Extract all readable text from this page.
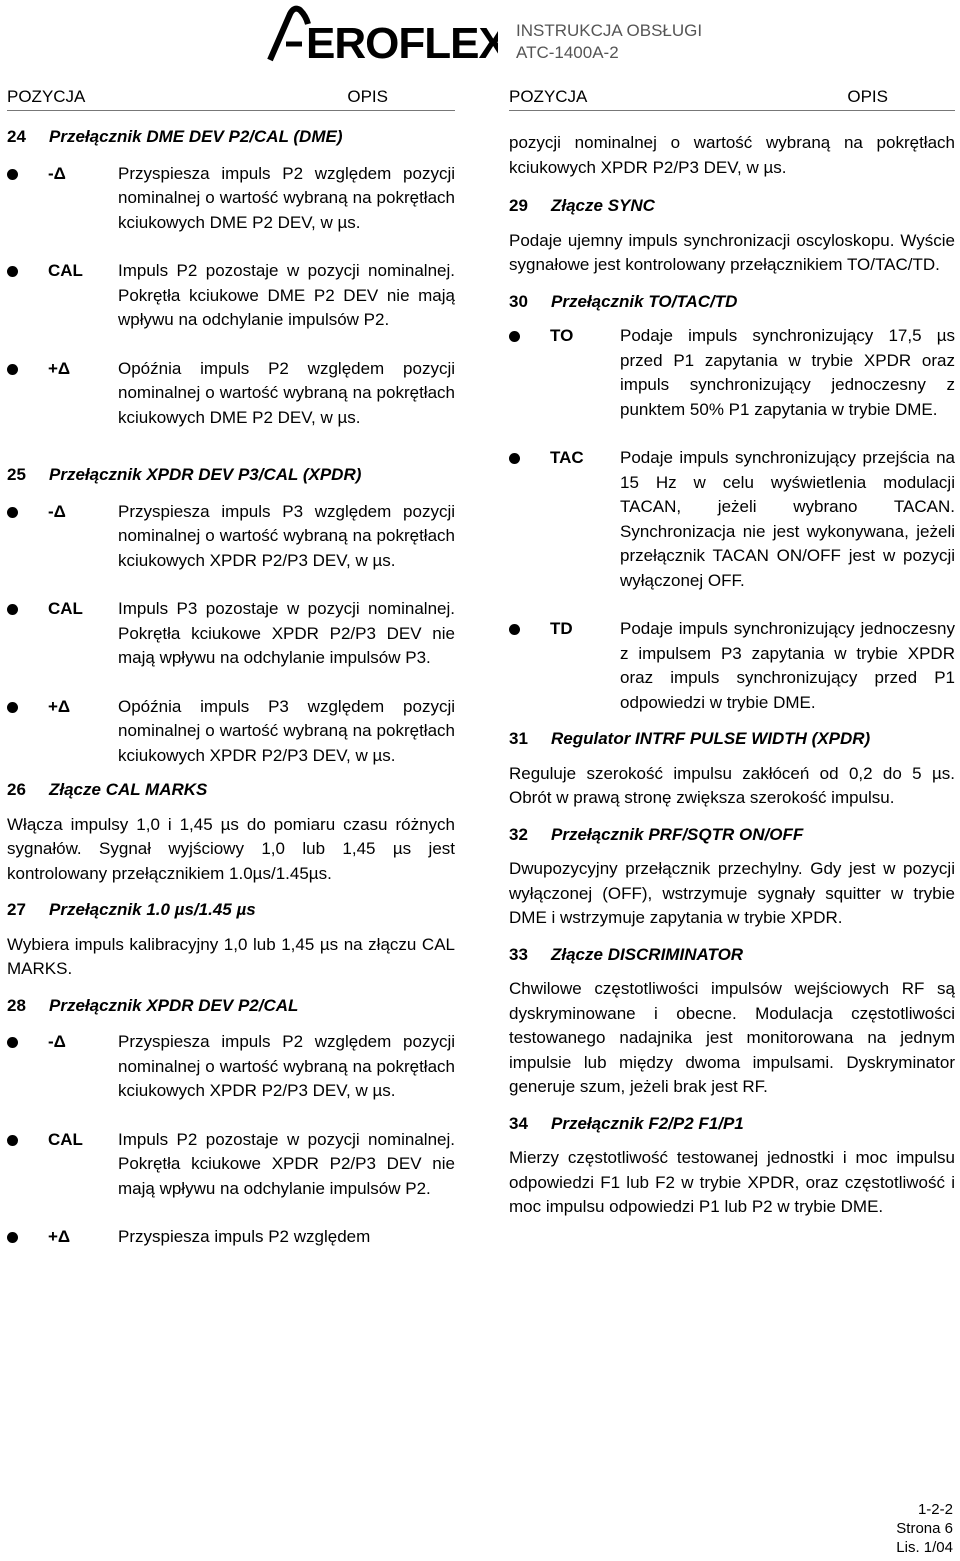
EROFLEX INSTRUKCJA OBSŁUGI
ATC-1400A-2
POZYCJA	OPIS

24 Przełącznik DME DEV P2/CAL (DME)

-Δ	Przyspiesza impuls P2 względem pozycji nominalnej o wartość wybraną na pokrętłach kciukowych DME P2 DEV, w µs.
CAL Impuls P2 pozostaje w pozycji nominalnej. Pokrętła kciukowe DME P2 DEV nie mają wpływu na odchylanie impulsów P2.
+Δ	Opóźnia impuls P2 względem pozycji nominalnej o wartość wybraną na pokrętłach kciukowych DME P2 DEV, w µs.

25 Przełącznik XPDR DEV P3/CAL (XPDR)

-Δ	Przyspiesza impuls P3 względem pozycji nominalnej o wartość wybraną na pokrętłach kciukowych XPDR P2/P3 DEV, w µs.
CAL Impuls P3 pozostaje w pozycji nominalnej. Pokrętła kciukowe XPDR P2/P3 DEV nie mają wpływu na odchylanie impulsów P3.
+Δ	Opóźnia impuls P3 względem pozycji nominalnej o wartość wybraną na pokrętłach kciukowych XPDR P2/P3 DEV, w µs.

26 Złącze CAL MARKS

Włącza impulsy 1,0 i 1,45 µs do pomiaru czasu różnych sygnałów. Sygnał wyjściowy 1,0 lub 1,45 µs jest kontrolowany przełącznikiem 1.0µs/1.45µs.

27 Przełącznik 1.0 µs/1.45 µs

Wybiera impuls kalibracyjny 1,0 lub 1,45 µs na złączu CAL MARKS.

28 Przełącznik XPDR DEV P2/CAL

-Δ	Przyspiesza impuls P2 względem pozycji nominalnej o wartość wybraną na pokrętłach kciukowych XPDR P2/P3 DEV, w µs.
CAL Impuls P2 pozostaje w pozycji nominalnej. Pokrętła kciukowe XPDR P2/P3 DEV nie mają wpływu na odchylanie impulsów P2.
+Δ	Przyspiesza impuls P2 względem
POZYCJA	OPIS

pozycji nominalnej o wartość wybraną na pokrętłach kciukowych XPDR P2/P3 DEV, w µs.

29 Złącze SYNC

Podaje ujemny impuls synchronizacji oscyloskopu. Wyście sygnałowe jest kontrolowany przełącznikiem TO/TAC/TD.

30 Przełącznik TO/TAC/TD

TO	Podaje impuls synchronizujący 17,5 µs przed P1 zapytania w trybie XPDR oraz impuls synchronizujący jednoczesny z punktem 50% P1 zapytania w trybie DME.
TAC Podaje impuls synchronizujący przejścia na 15 Hz w celu wyświetlenia modulacji TACAN, jeżeli wybrano TACAN. Synchronizacja nie jest wykonywana, jeżeli przełącznik TACAN ON/OFF jest w pozycji wyłączonej OFF.
TD	Podaje impuls synchronizujący jednoczesny z impulsem P3 zapytania w trybie XPDR oraz impuls synchronizujący przed P1 odpowiedzi w trybie DME.

31 Regulator INTRF PULSE WIDTH (XPDR)

Reguluje szerokość impulsu zakłóceń od 0,2 do 5 µs. Obrót w prawą stronę zwiększa szerokość impulsu.

32 Przełącznik PRF/SQTR ON/OFF

Dwupozycyjny przełącznik przechylny. Gdy jest w pozycji wyłączonej (OFF), wstrzymuje sygnały squitter w trybie DME i wstrzymuje zapytania w trybie XPDR.

33 Złącze DISCRIMINATOR

Chwilowe częstotliwości impulsów wejściowych RF są dyskryminowane i obecne. Modulacja częstotliwości testowanego nadajnika jest monitorowana na jednym impulsie lub między dwoma impulsami. Dyskryminator generuje szum, jeżeli brak jest RF.

34 Przełącznik F2/P2 F1/P1

Mierzy częstotliwość testowanej jednostki i moc impulsu odpowiedzi F1 lub F2 w trybie XPDR, oraz częstotliwość i moc impulsu odpowiedzi P1 lub P2 w trybie DME.

1-2-2
Strona 6
Lis. 1/04
